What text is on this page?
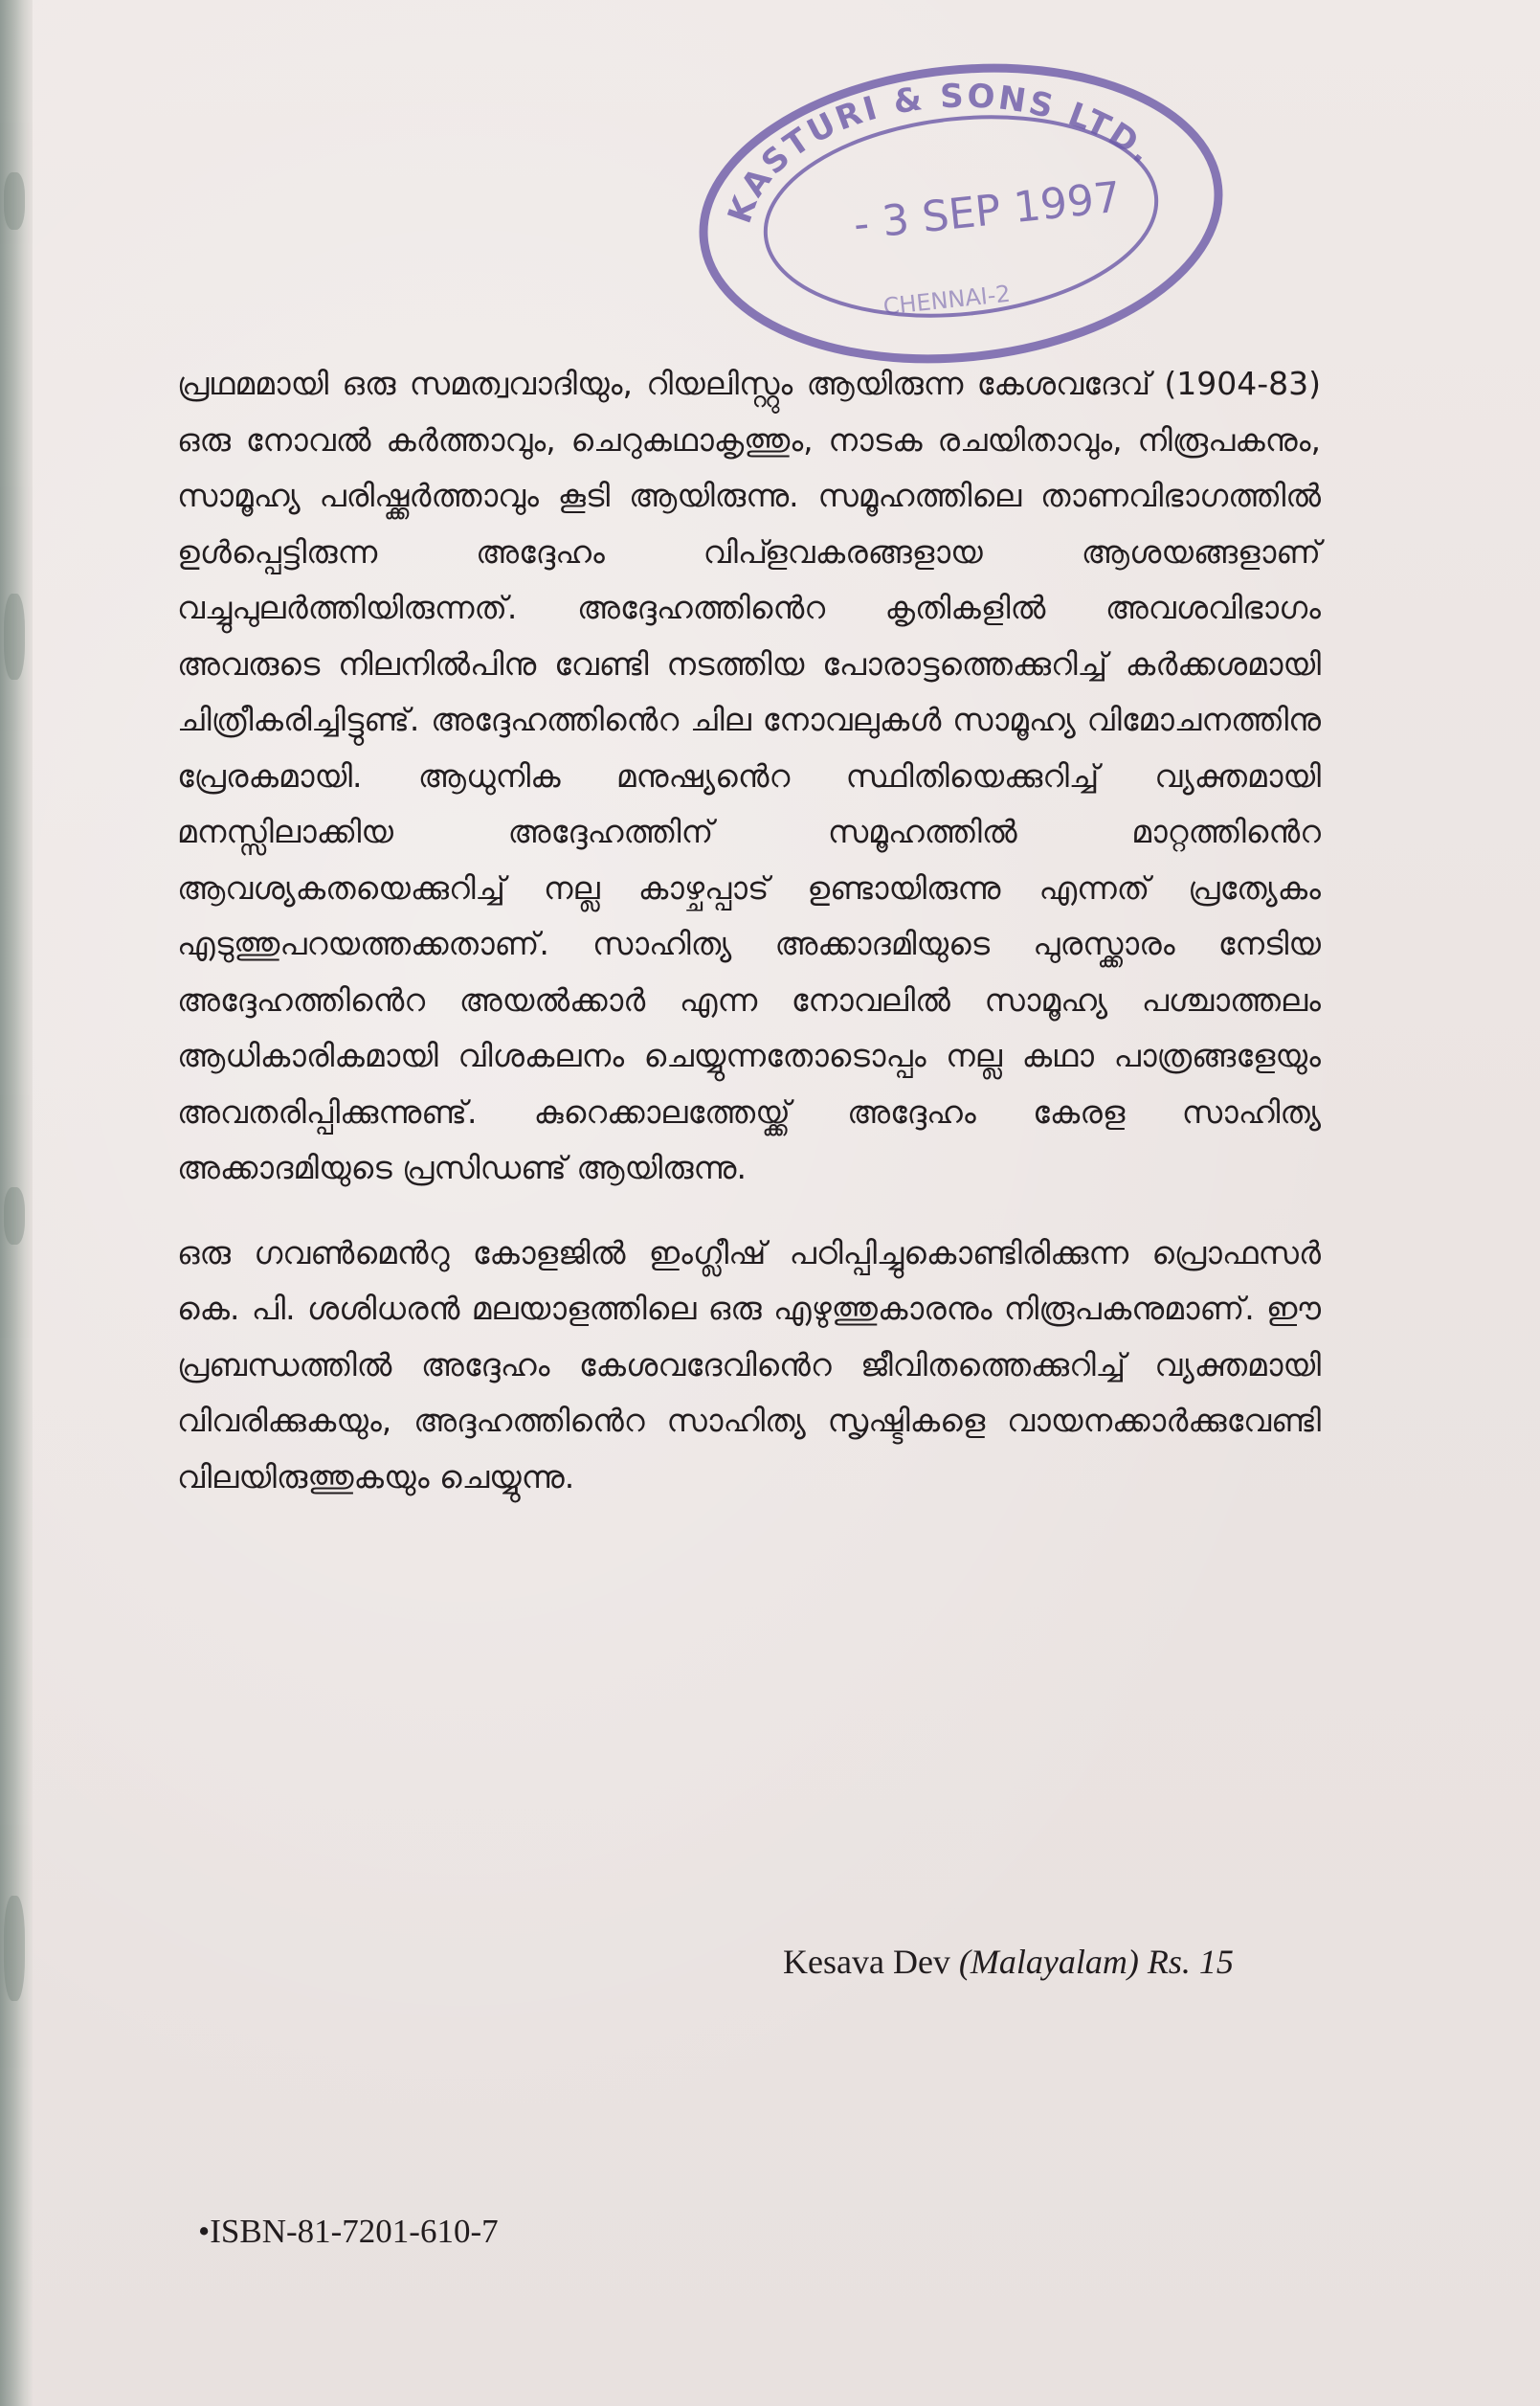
KASTURI & SONS LTD.
- 3 SEP 1997
CHENNAI-2

പ്രഥമമായി ഒരു സമത്വവാദിയും, റിയലിസ്റ്റും ആയിരുന്ന കേശവദേവ് (1904-83) ഒരു നോവൽ കർത്താവും, ചെറുകഥാകൃത്തും, നാടക രചയിതാവും, നിരൂപകനും, സാമൂഹ്യ പരിഷ്ക്കർത്താവും കൂടി ആയിരുന്നു. സമൂഹത്തിലെ താണവിഭാഗത്തിൽ ഉൾപ്പെട്ടിരുന്ന അദ്ദേഹം വിപ്ളവകരങ്ങളായ ആശയങ്ങളാണ് വച്ചുപുലർത്തിയിരുന്നത്. അദ്ദേഹത്തിൻെറ കൃതികളിൽ അവശവിഭാഗം അവരുടെ നിലനിൽപിനു വേണ്ടി നടത്തിയ പോരാട്ടത്തെക്കുറിച്ച് കർക്കശമായി ചിത്രീകരിച്ചിട്ടുണ്ട്. അദ്ദേഹത്തിൻെറ ചില നോവലുകൾ സാമൂഹ്യ വിമോചനത്തിനു പ്രേരകമായി. ആധുനിക മനുഷ്യൻെറ സ്ഥിതിയെക്കുറിച്ച് വ്യക്തമായി മനസ്സിലാക്കിയ അദ്ദേഹത്തിന് സമൂഹത്തിൽ മാറ്റത്തിൻെറ ആവശ്യകതയെക്കുറിച്ച് നല്ല കാഴ്ചപ്പാട് ഉണ്ടായിരുന്നു എന്നത് പ്രത്യേകം എടുത്തുപറയത്തക്കതാണ്. സാഹിത്യ അക്കാദമിയുടെ പുരസ്ക്കാരം നേടിയ അദ്ദേഹത്തിൻെറ അയൽക്കാർ എന്ന നോവലിൽ സാമൂഹ്യ പശ്ചാത്തലം ആധികാരികമായി വിശകലനം ചെയ്യുന്നതോടൊപ്പം നല്ല കഥാ പാത്രങ്ങളേയും അവതരിപ്പിക്കുന്നുണ്ട്. കുറെക്കാലത്തേയ്ക്ക് അദ്ദേഹം കേരള സാഹിത്യ അക്കാദമിയുടെ പ്രസിഡണ്ട് ആയിരുന്നു.

ഒരു ഗവൺമെൻറു കോളജിൽ ഇംഗ്ലീഷ് പഠിപ്പിച്ചുകൊണ്ടിരിക്കുന്ന പ്രൊഫസർ കെ. പി. ശശിധരൻ മലയാളത്തിലെ ഒരു എഴുത്തുകാരനും നിരൂപകനുമാണ്. ഈ പ്രബന്ധത്തിൽ അദ്ദേഹം കേശവദേവിൻെറ ജീവിതത്തെക്കുറിച്ച് വ്യക്തമായി വിവരിക്കുകയും, അദ്ദഹത്തിൻെറ സാഹിത്യ സൃഷ്ടികളെ വായനക്കാർക്കുവേണ്ടി വിലയിരുത്തുകയും ചെയ്യുന്നു.

Kesava Dev (Malayalam) Rs. 15
•ISBN-81-7201-610-7
